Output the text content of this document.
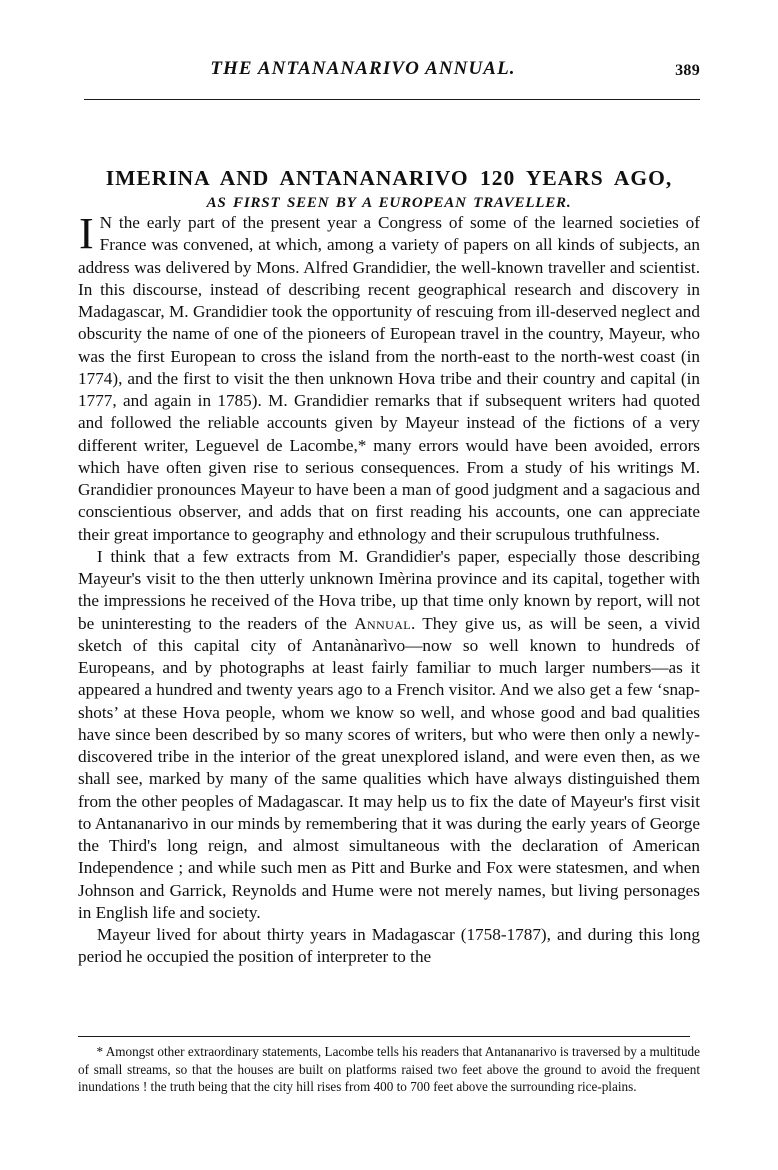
THE ANTANANARIVO ANNUAL.	389
IMERINA AND ANTANANARIVO 120 YEARS AGO,
AS FIRST SEEN BY A EUROPEAN TRAVELLER.

I N the early part of the present year a Congress of some of the learned societies of France was convened, at which, among a variety of papers on all kinds of subjects, an address was delivered by Mons. Alfred Grandidier, the well-known traveller and scientist. In this discourse, instead of describing recent geographical research and discovery in Madagascar, M. Grandidier took the opportunity of rescuing from ill-deserved neglect and obscurity the name of one of the pioneers of European travel in the country, Mayeur, who was the first European to cross the island from the north-east to the north-west coast (in 1774), and the first to visit the then unknown Hova tribe and their country and capital (in 1777, and again in 1785). M. Grandidier remarks that if subsequent writers had quoted and followed the reliable accounts given by Mayeur instead of the fictions of a very different writer, Leguevel de Lacombe,* many errors would have been avoided, errors which have often given rise to serious consequences. From a study of his writings M. Grandidier pronounces Mayeur to have been a man of good judgment and a sagacious and conscientious observer, and adds that on first reading his accounts, one can appreciate their great importance to geography and ethnology and their scrupulous truthfulness.

I think that a few extracts from M. Grandidier's paper, especially those describing Mayeur's visit to the then utterly unknown Imèrina province and its capital, together with the impressions he received of the Hova tribe, up that time only known by report, will not be uninteresting to the readers of the Annual. They give us, as will be seen, a vivid sketch of this capital city of Antanànarìvo—now so well known to hundreds of Europeans, and by photographs at least fairly familiar to much larger numbers—as it appeared a hundred and twenty years ago to a French visitor. And we also get a few ‘snap-shots’ at these Hova people, whom we know so well, and whose good and bad qualities have since been described by so many scores of writers, but who were then only a newly-discovered tribe in the interior of the great unexplored island, and were even then, as we shall see, marked by many of the same qualities which have always distinguished them from the other peoples of Madagascar. It may help us to fix the date of Mayeur's first visit to Antananarivo in our minds by remembering that it was during the early years of George the Third's long reign, and almost simultaneous with the declaration of American Independence ; and while such men as Pitt and Burke and Fox were statesmen, and when Johnson and Garrick, Reynolds and Hume were not merely names, but living personages in English life and society.

Mayeur lived for about thirty years in Madagascar (1758-1787), and during this long period he occupied the position of interpreter to the

* Amongst other extraordinary statements, Lacombe tells his readers that Antananarivo is traversed by a multitude of small streams, so that the houses are built on platforms raised two feet above the ground to avoid the frequent inundations ! the truth being that the city hill rises from 400 to 700 feet above the surrounding rice-plains.
